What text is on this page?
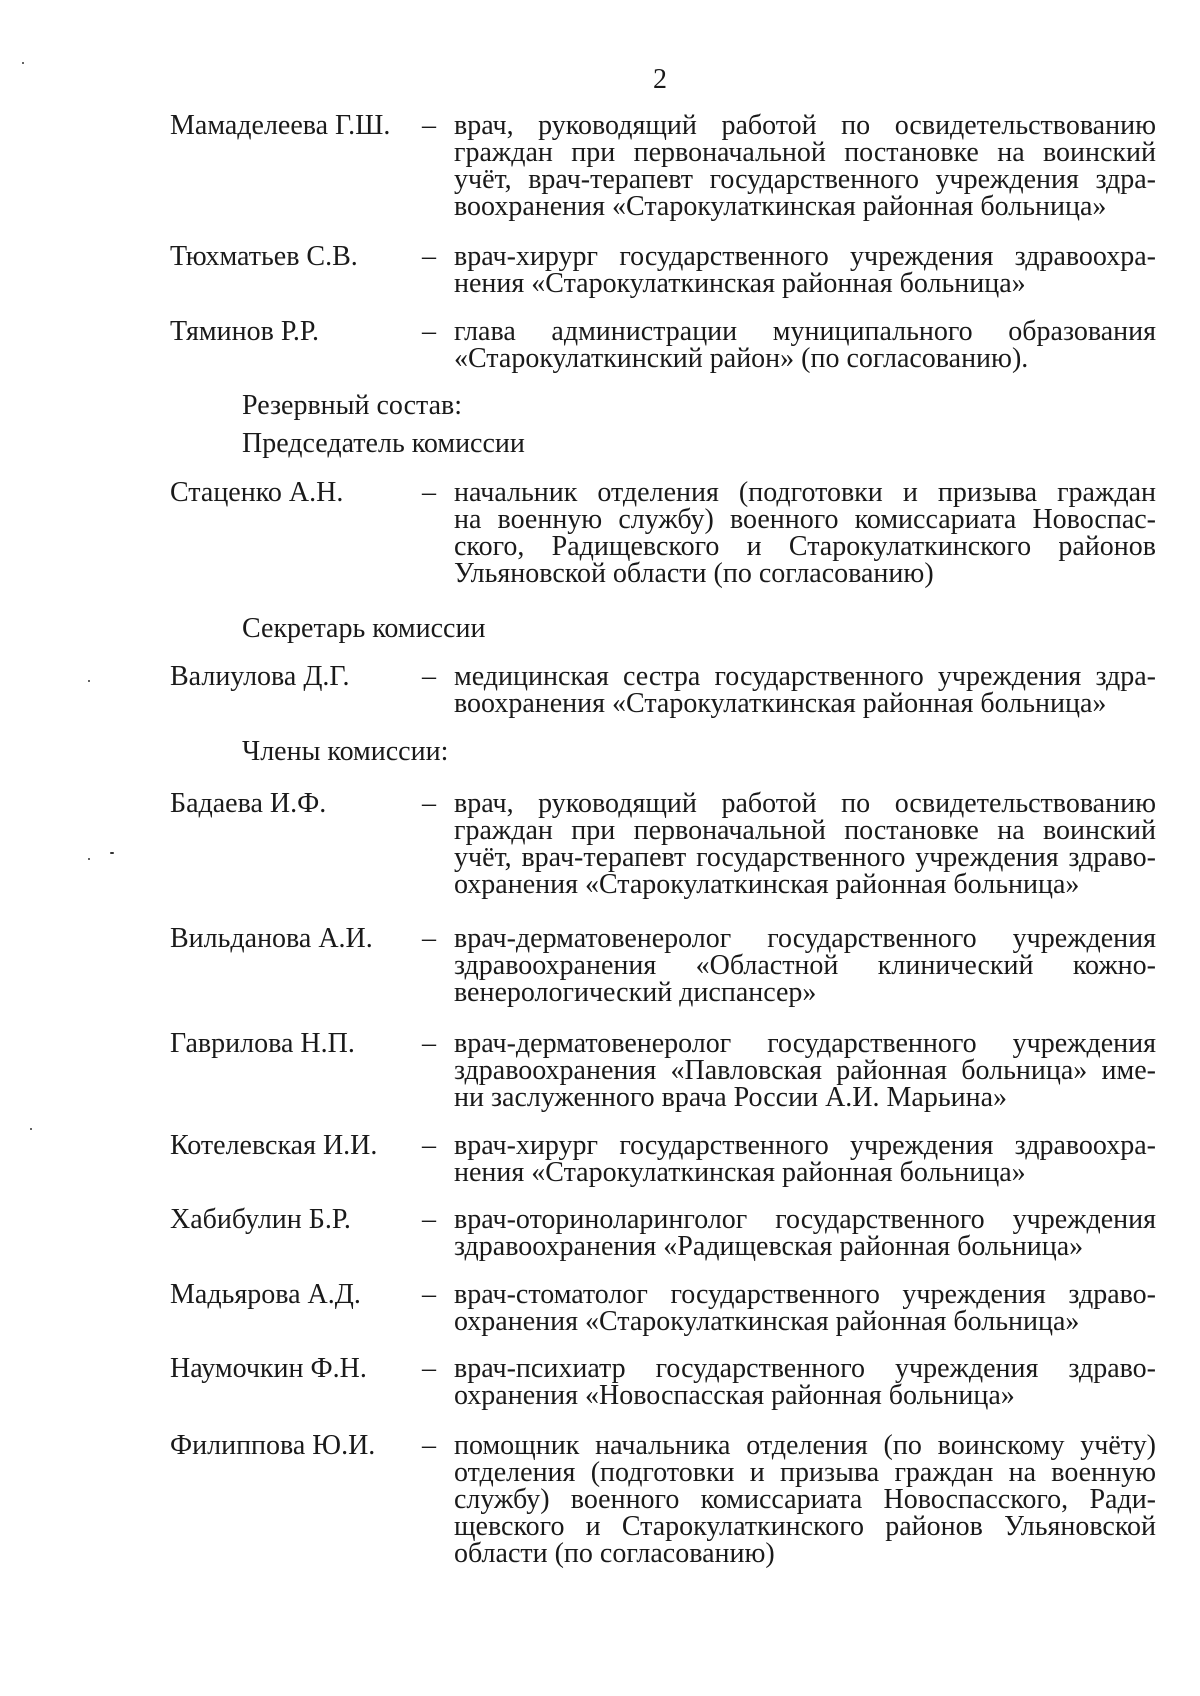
2
Мамаделеева Г.Ш. – врач, руководящий работой по освидетельствованию
граждан при первоначальной постановке на воинский
учёт, врач-терапевт государственного учреждения здра-
воохранения «Старокулаткинская районная больница»
Тюхматьев С.В. – врач-хирург государственного учреждения здравоохра-
нения «Старокулаткинская районная больница»
Тяминов Р.Р.	– глава администрации муниципального образования
«Старокулаткинский район» (по согласованию).
Резервный состав:
Председатель комиссии
Стаценко А.Н.	– начальник отделения (подготовки и призыва граждан
на военную службу) военного комиссариата Новоспас-
ского, Радищевского и Старокулаткинского районов
Ульяновской области (по согласованию)
Секретарь комиссии
Валиулова Д.Г.	– медицинская сестра государственного учреждения здра-
воохранения «Старокулаткинская районная больница»
Члены комиссии:
Бадаева И.Ф.	– врач, руководящий работой по освидетельствованию
граждан при первоначальной постановке на воинский
учёт, врач-терапевт государственного учреждения здраво-
охранения «Старокулаткинская районная больница»
Вильданова А.И. – врач-дерматовенеролог государственного учреждения
здравоохранения «Областной клинический кожно-
венерологический диспансер»
Гаврилова Н.П. – врач-дерматовенеролог государственного учреждения
здравоохранения «Павловская районная больница» име-
ни заслуженного врача России А.И. Марьина»
Котелевская И.И. – врач-хирург государственного учреждения здравоохра-
нения «Старокулаткинская районная больница»
Хабибулин Б.Р.	– врач-оториноларинголог государственного учреждения
здравоохранения «Радищевская районная больница»
Мадьярова А.Д. – врач-стоматолог государственного учреждения здраво-
охранения «Старокулаткинская районная больница»
Наумочкин Ф.Н. – врач-психиатр государственного учреждения здраво-
охранения «Новоспасская районная больница»
Филиппова Ю.И. – помощник начальника отделения (по воинскому учёту)
отделения (подготовки и призыва граждан на военную
службу) военного комиссариата Новоспасского, Ради-
щевского и Старокулаткинского районов Ульяновской
области (по согласованию)
